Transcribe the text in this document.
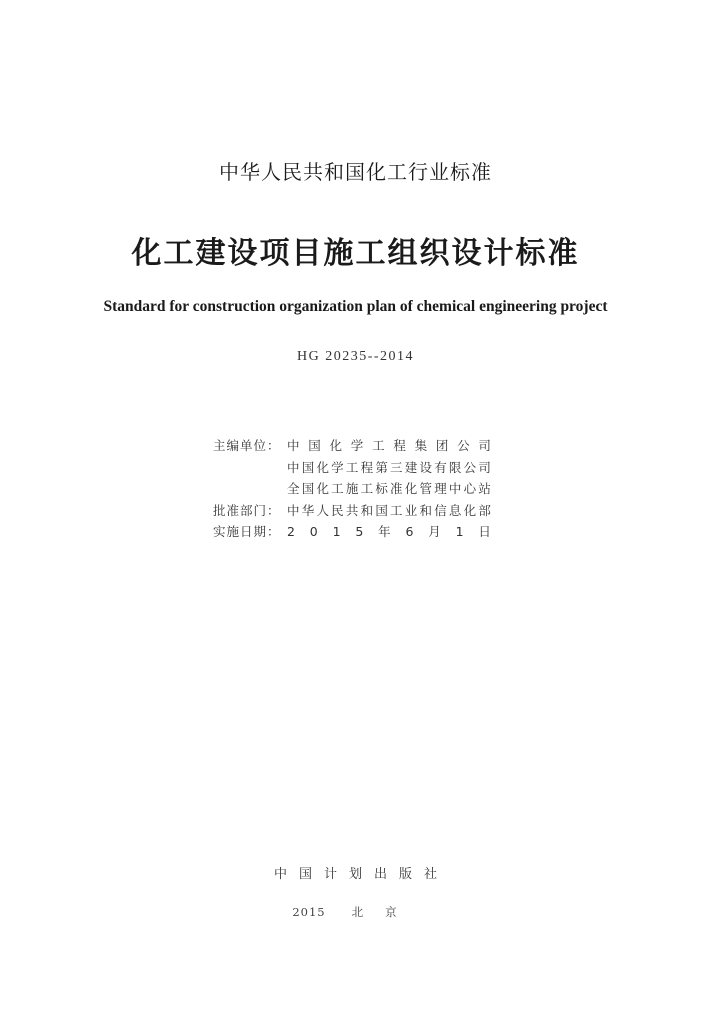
中华人民共和国化工行业标准
化工建设项目施工组织设计标准
Standard for construction organization plan of chemical engineering project
HG 20235--2014
主编单位： 中 国 化 学 工 程 集 团 公 司
中 国 化 学 工 程 第 三 建 设 有 限 公 司
全 国 化 工 施 工 标 准 化 管 理 中 心 站
批准部门： 中 华 人 民 共 和 国 工 业 和 信 息 化 部
实施日期： 2 0 1 5 年 6 月 1 日
中国计划出版社
2015 北京
